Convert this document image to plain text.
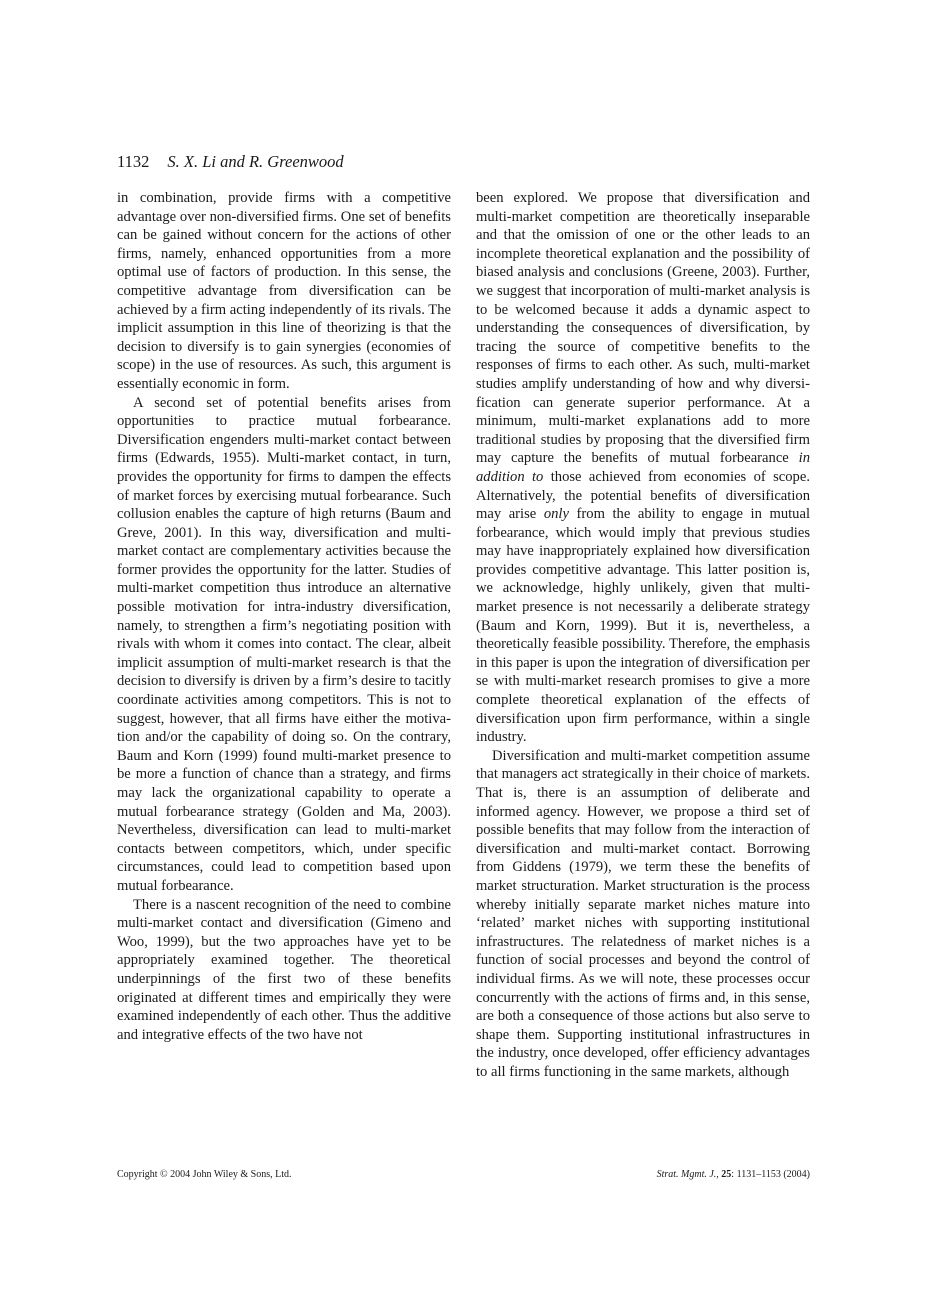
1132 S. X. Li and R. Greenwood

in combination, provide firms with a competitive advantage over non-diversified firms. One set of benefits can be gained without concern for the actions of other firms, namely, enhanced opportunities from a more optimal use of factors of production. In this sense, the competitive advantage from diversification can be achieved by a firm acting independently of its rivals. The implicit assumption in this line of theorizing is that the decision to diversify is to gain synergies (economies of scope) in the use of resources. As such, this argument is essentially economic in form.

A second set of potential benefits arises from opportunities to practice mutual forbearance. Diversification engenders multi-market contact between firms (Edwards, 1955). Multi-market contact, in turn, provides the opportunity for firms to dampen the effects of market forces by exercising mutual forbearance. Such collusion enables the capture of high returns (Baum and Greve, 2001). In this way, diversification and multi-market contact are complementary activities because the former provides the opportunity for the latter. Studies of multi-market competition thus introduce an alternative possible motivation for intra-industry diversification, namely, to strengthen a firm’s negotiating position with rivals with whom it comes into contact. The clear, albeit implicit assumption of multi-market research is that the decision to diversify is driven by a firm’s desire to tacitly coordinate activities among competitors. This is not to suggest, however, that all firms have either the motivation and/or the capability of doing so. On the contrary, Baum and Korn (1999) found multi-market presence to be more a function of chance than a strategy, and firms may lack the organizational capability to operate a mutual forbearance strategy (Golden and Ma, 2003). Nevertheless, diversification can lead to multi-market contacts between competitors, which, under specific circumstances, could lead to competition based upon mutual forbearance.

There is a nascent recognition of the need to combine multi-market contact and diversification (Gimeno and Woo, 1999), but the two approaches have yet to be appropriately examined together. The theoretical underpinnings of the first two of these benefits originated at different times and empirically they were examined independently of each other. Thus the additive and integrative effects of the two have not

been explored. We propose that diversification and multi-market competition are theoretically inseparable and that the omission of one or the other leads to an incomplete theoretical explanation and the possibility of biased analysis and conclusions (Greene, 2003). Further, we suggest that incorporation of multi-market analysis is to be welcomed because it adds a dynamic aspect to understanding the consequences of diversification, by tracing the source of competitive benefits to the responses of firms to each other. As such, multi-market studies amplify understanding of how and why diversification can generate superior performance. At a minimum, multi-market explanations add to more traditional studies by proposing that the diversified firm may capture the benefits of mutual forbearance in addition to those achieved from economies of scope. Alternatively, the potential benefits of diversification may arise only from the ability to engage in mutual forbearance, which would imply that previous studies may have inappropriately explained how diversification provides competitive advantage. This latter position is, we acknowledge, highly unlikely, given that multi-market presence is not necessarily a deliberate strategy (Baum and Korn, 1999). But it is, nevertheless, a theoretically feasible possibility. Therefore, the emphasis in this paper is upon the integration of diversification per se with multi-market research promises to give a more complete theoretical explanation of the effects of diversification upon firm performance, within a single industry.

Diversification and multi-market competition assume that managers act strategically in their choice of markets. That is, there is an assumption of deliberate and informed agency. However, we propose a third set of possible benefits that may follow from the interaction of diversification and multi-market contact. Borrowing from Giddens (1979), we term these the benefits of market structuration. Market structuration is the process whereby initially separate market niches mature into ‘related’ market niches with supporting institutional infrastructures. The relatedness of market niches is a function of social processes and beyond the control of individual firms. As we will note, these processes occur concurrently with the actions of firms and, in this sense, are both a consequence of those actions but also serve to shape them. Supporting institutional infrastructures in the industry, once developed, offer efficiency advantages to all firms functioning in the same markets, although

Copyright © 2004 John Wiley & Sons, Ltd.	Strat. Mgmt. J., 25: 1131–1153 (2004)
